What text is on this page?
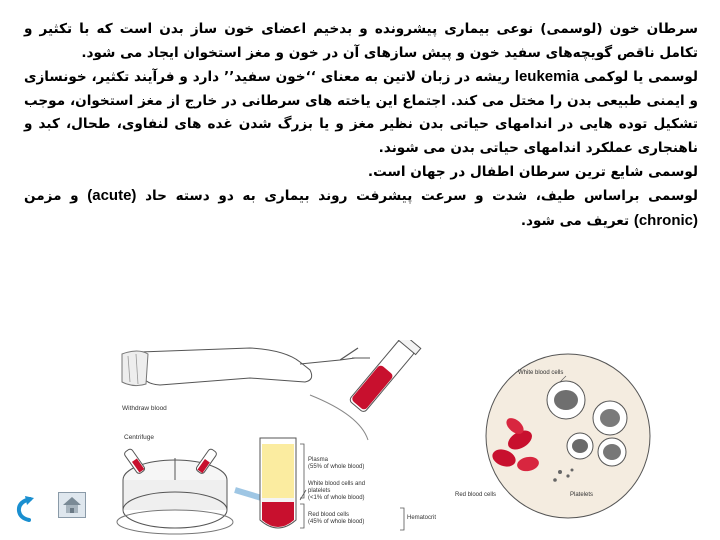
سرطان خون (لوسمی) نوعی بیماری پیشرونده و بدخیم اعضای خون ساز بدن است که با تکثیر و تکامل ناقص گویچه‌های سفید خون و پیش سازهای آن در خون و مغز استخوان ایجاد می شود.

لوسمی یا لوکمی leukemia ریشه در زبان لاتین به معنای ‘‘خون سفید’’ دارد و فرآیند تکثیر، خونسازی و ایمنی طبیعی بدن را مختل می کند. اجتماع این یاخته های سرطانی در خارج از مغز استخوان، موجب تشکیل توده هایی در اندامهای حیاتی بدن نظیر مغز و یا بزرگ شدن غده های لنفاوی، طحال، کبد و ناهنجاری عملکرد اندامهای حیاتی بدن می شوند.

لوسمی شایع ترین سرطان اطفال در جهان است.

لوسمی براساس طیف، شدت و سرعت پیشرفت روند بیماری به دو دسته حاد (acute) و مزمن (chronic) تعریف می شود.

Withdraw blood
Centrifuge
Plasma
(55% of whole blood)
White blood cells and
platelets
(<1% of whole blood)
Red blood cells
(45% of whole blood)
Hematocrit
White blood cells
Red blood cells	Platelets
